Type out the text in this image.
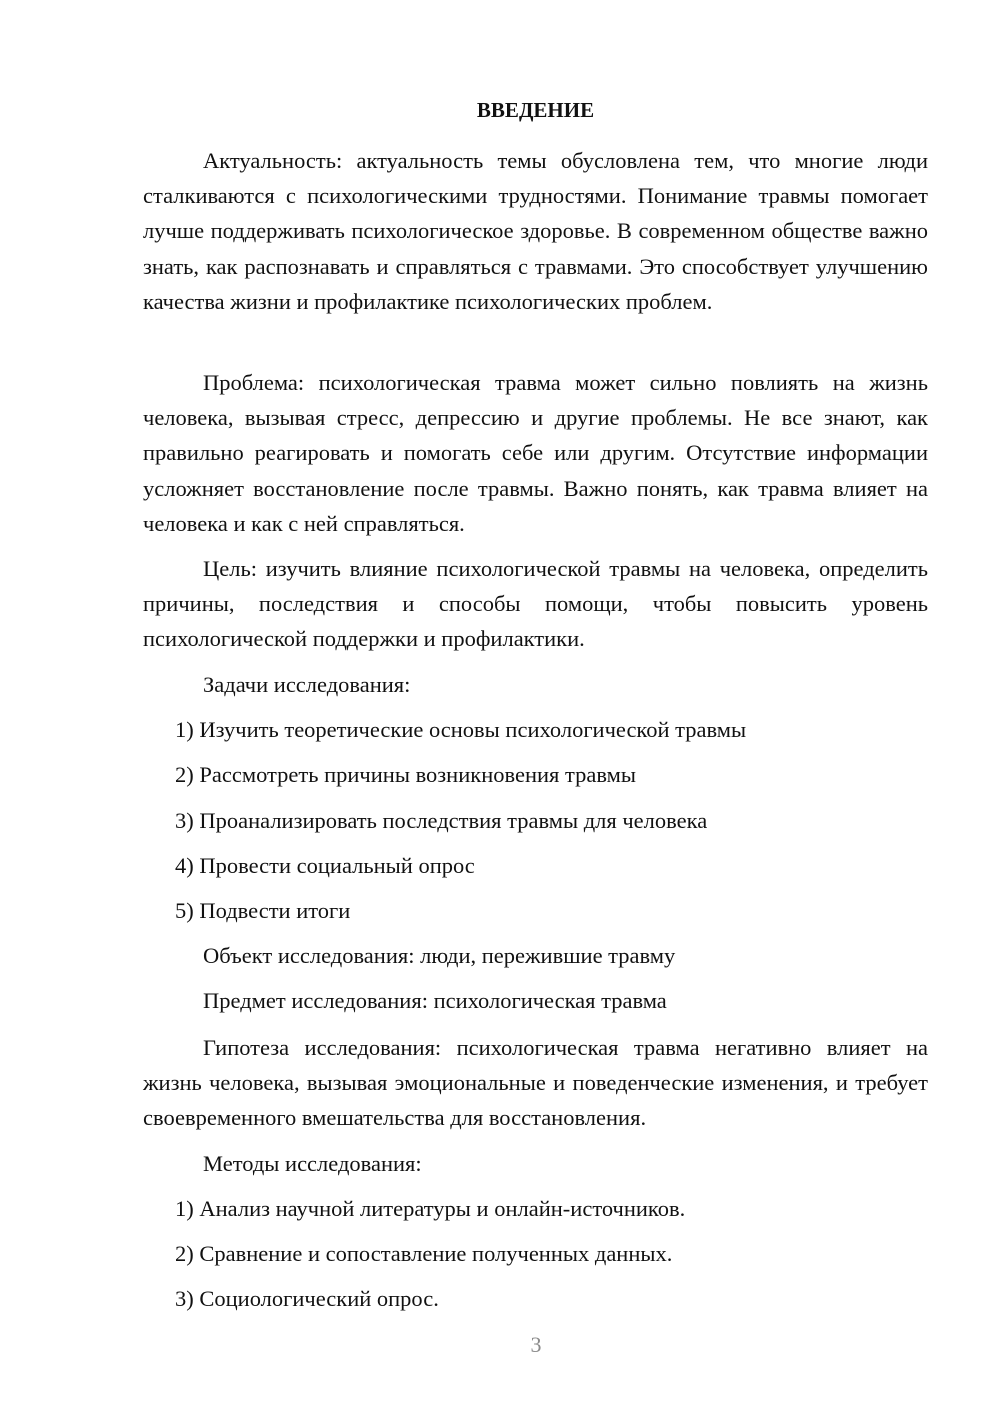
ВВЕДЕНИЕ

Актуальность: актуальность темы обусловлена тем, что многие люди сталкиваются с психологическими трудностями. Понимание травмы помогает лучше поддерживать психологическое здоровье. В современном обществе важно знать, как распознавать и справляться с травмами. Это способствует улучшению качества жизни и профилактике психологических проблем.

Проблема: психологическая травма может сильно повлиять на жизнь человека, вызывая стресс, депрессию и другие проблемы. Не все знают, как правильно реагировать и помогать себе или другим. Отсутствие информации усложняет восстановление после травмы. Важно понять, как травма влияет на человека и как с ней справляться.

Цель: изучить влияние психологической травмы на человека, определить причины, последствия и способы помощи, чтобы повысить уровень психологической поддержки и профилактики.

Задачи исследования:

1) Изучить теоретические основы психологической травмы

2) Рассмотреть причины возникновения травмы

3) Проанализировать последствия травмы для человека

4) Провести социальный опрос

5) Подвести итоги

Объект исследования: люди, пережившие травму

Предмет исследования: психологическая травма

Гипотеза исследования: психологическая травма негативно влияет на жизнь человека, вызывая эмоциональные и поведенческие изменения, и требует своевременного вмешательства для восстановления.

Методы исследования:

1) Анализ научной литературы и онлайн-источников.

2) Сравнение и сопоставление полученных данных.

3) Социологический опрос.

3
